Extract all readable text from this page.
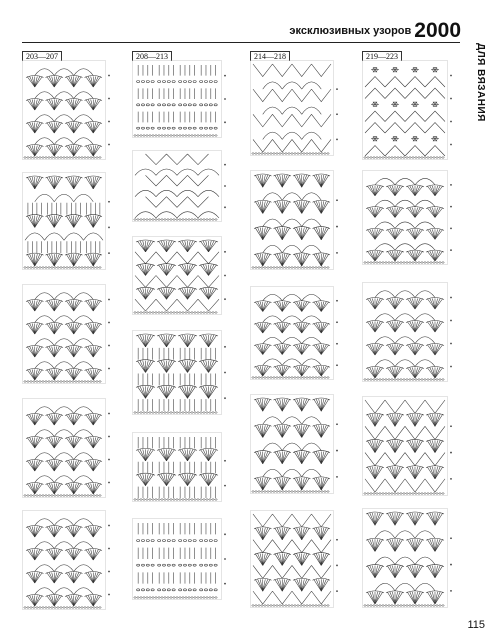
эксклюзивных узоров 2000
ДЛЯ ВЯЗАНИЯ
115
203—207	208—213	214—218	219—223
